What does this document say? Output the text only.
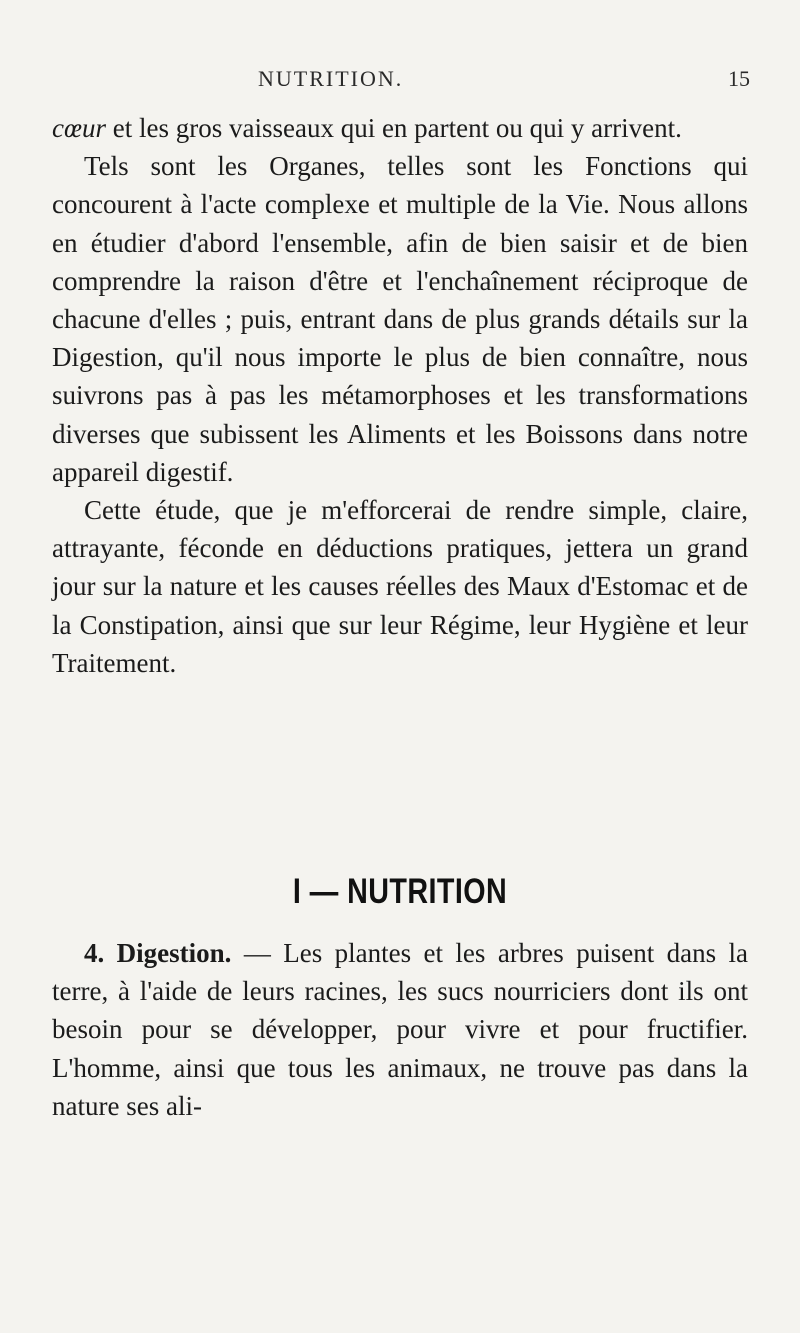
NUTRITION.	15

cœur et les gros vaisseaux qui en partent ou qui y arrivent.

Tels sont les Organes, telles sont les Fonctions qui concourent à l'acte complexe et multiple de la Vie. Nous allons en étudier d'abord l'ensemble, afin de bien saisir et de bien comprendre la raison d'être et l'enchaînement réciproque de chacune d'elles ; puis, entrant dans de plus grands détails sur la Digestion, qu'il nous importe le plus de bien connaître, nous suivrons pas à pas les métamorphoses et les transformations diverses que subissent les Aliments et les Boissons dans notre appareil digestif.

Cette étude, que je m'efforcerai de rendre simple, claire, attrayante, féconde en déductions pratiques, jettera un grand jour sur la nature et les causes réelles des Maux d'Estomac et de la Constipation, ainsi que sur leur Régime, leur Hygiène et leur Traitement.

I — NUTRITION

4. Digestion. — Les plantes et les arbres puisent dans la terre, à l'aide de leurs racines, les sucs nourriciers dont ils ont besoin pour se développer, pour vivre et pour fructifier. L'homme, ainsi que tous les animaux, ne trouve pas dans la nature ses ali-
